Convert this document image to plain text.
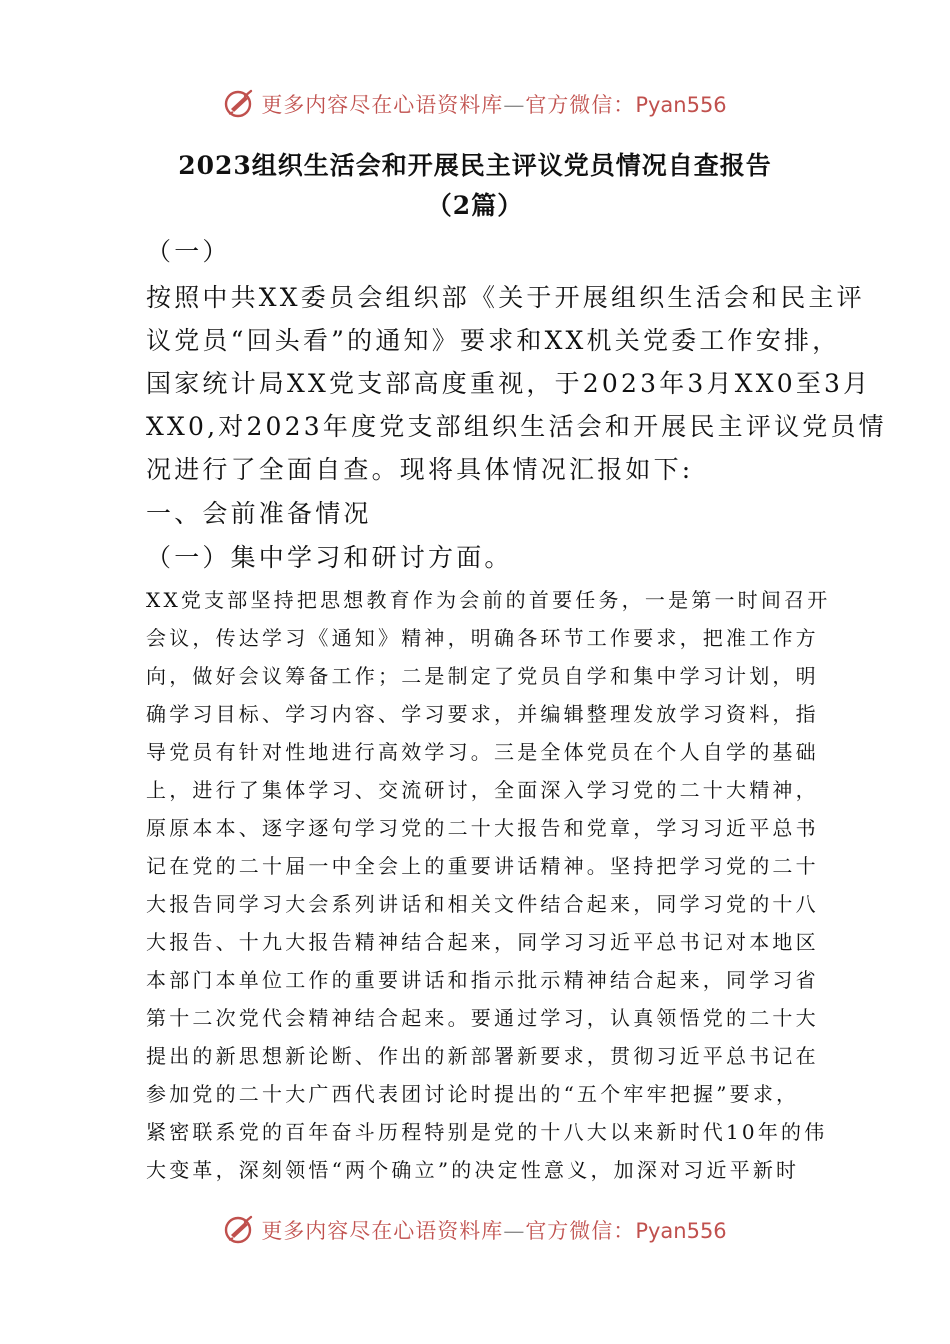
更多内容尽在心语资料库—官方微信：Pyan556
2023组织生活会和开展民主评议党员情况自查报告
（2篇）
（一）
按照中共XX委员会组织部《关于开展组织生活会和民主评
议党员“回头看”的通知》要求和XX机关党委工作安排，
国家统计局XX党支部高度重视，于2023年3月XX0至3月
XX0,对2023年度党支部组织生活会和开展民主评议党员情
况进行了全面自查。现将具体情况汇报如下:
一、会前准备情况
（一）集中学习和研讨方面。
XX党支部坚持把思想教育作为会前的首要任务，一是第一时间召开
会议，传达学习《通知》精神，明确各环节工作要求，把准工作方
向，做好会议筹备工作；二是制定了党员自学和集中学习计划，明
确学习目标、学习内容、学习要求，并编辑整理发放学习资料，指
导党员有针对性地进行高效学习。三是全体党员在个人自学的基础
上，进行了集体学习、交流研讨，全面深入学习党的二十大精神，
原原本本、逐字逐句学习党的二十大报告和党章，学习习近平总书
记在党的二十届一中全会上的重要讲话精神。坚持把学习党的二十
大报告同学习大会系列讲话和相关文件结合起来，同学习党的十八
大报告、十九大报告精神结合起来，同学习习近平总书记对本地区
本部门本单位工作的重要讲话和指示批示精神结合起来，同学习省
第十二次党代会精神结合起来。要通过学习，认真领悟党的二十大
提出的新思想新论断、作出的新部署新要求，贯彻习近平总书记在
参加党的二十大广西代表团讨论时提出的“五个牢牢把握”要求，
紧密联系党的百年奋斗历程特别是党的十八大以来新时代10年的伟
大变革，深刻领悟“两个确立”的决定性意义，加深对习近平新时
更多内容尽在心语资料库—官方微信：Pyan556
